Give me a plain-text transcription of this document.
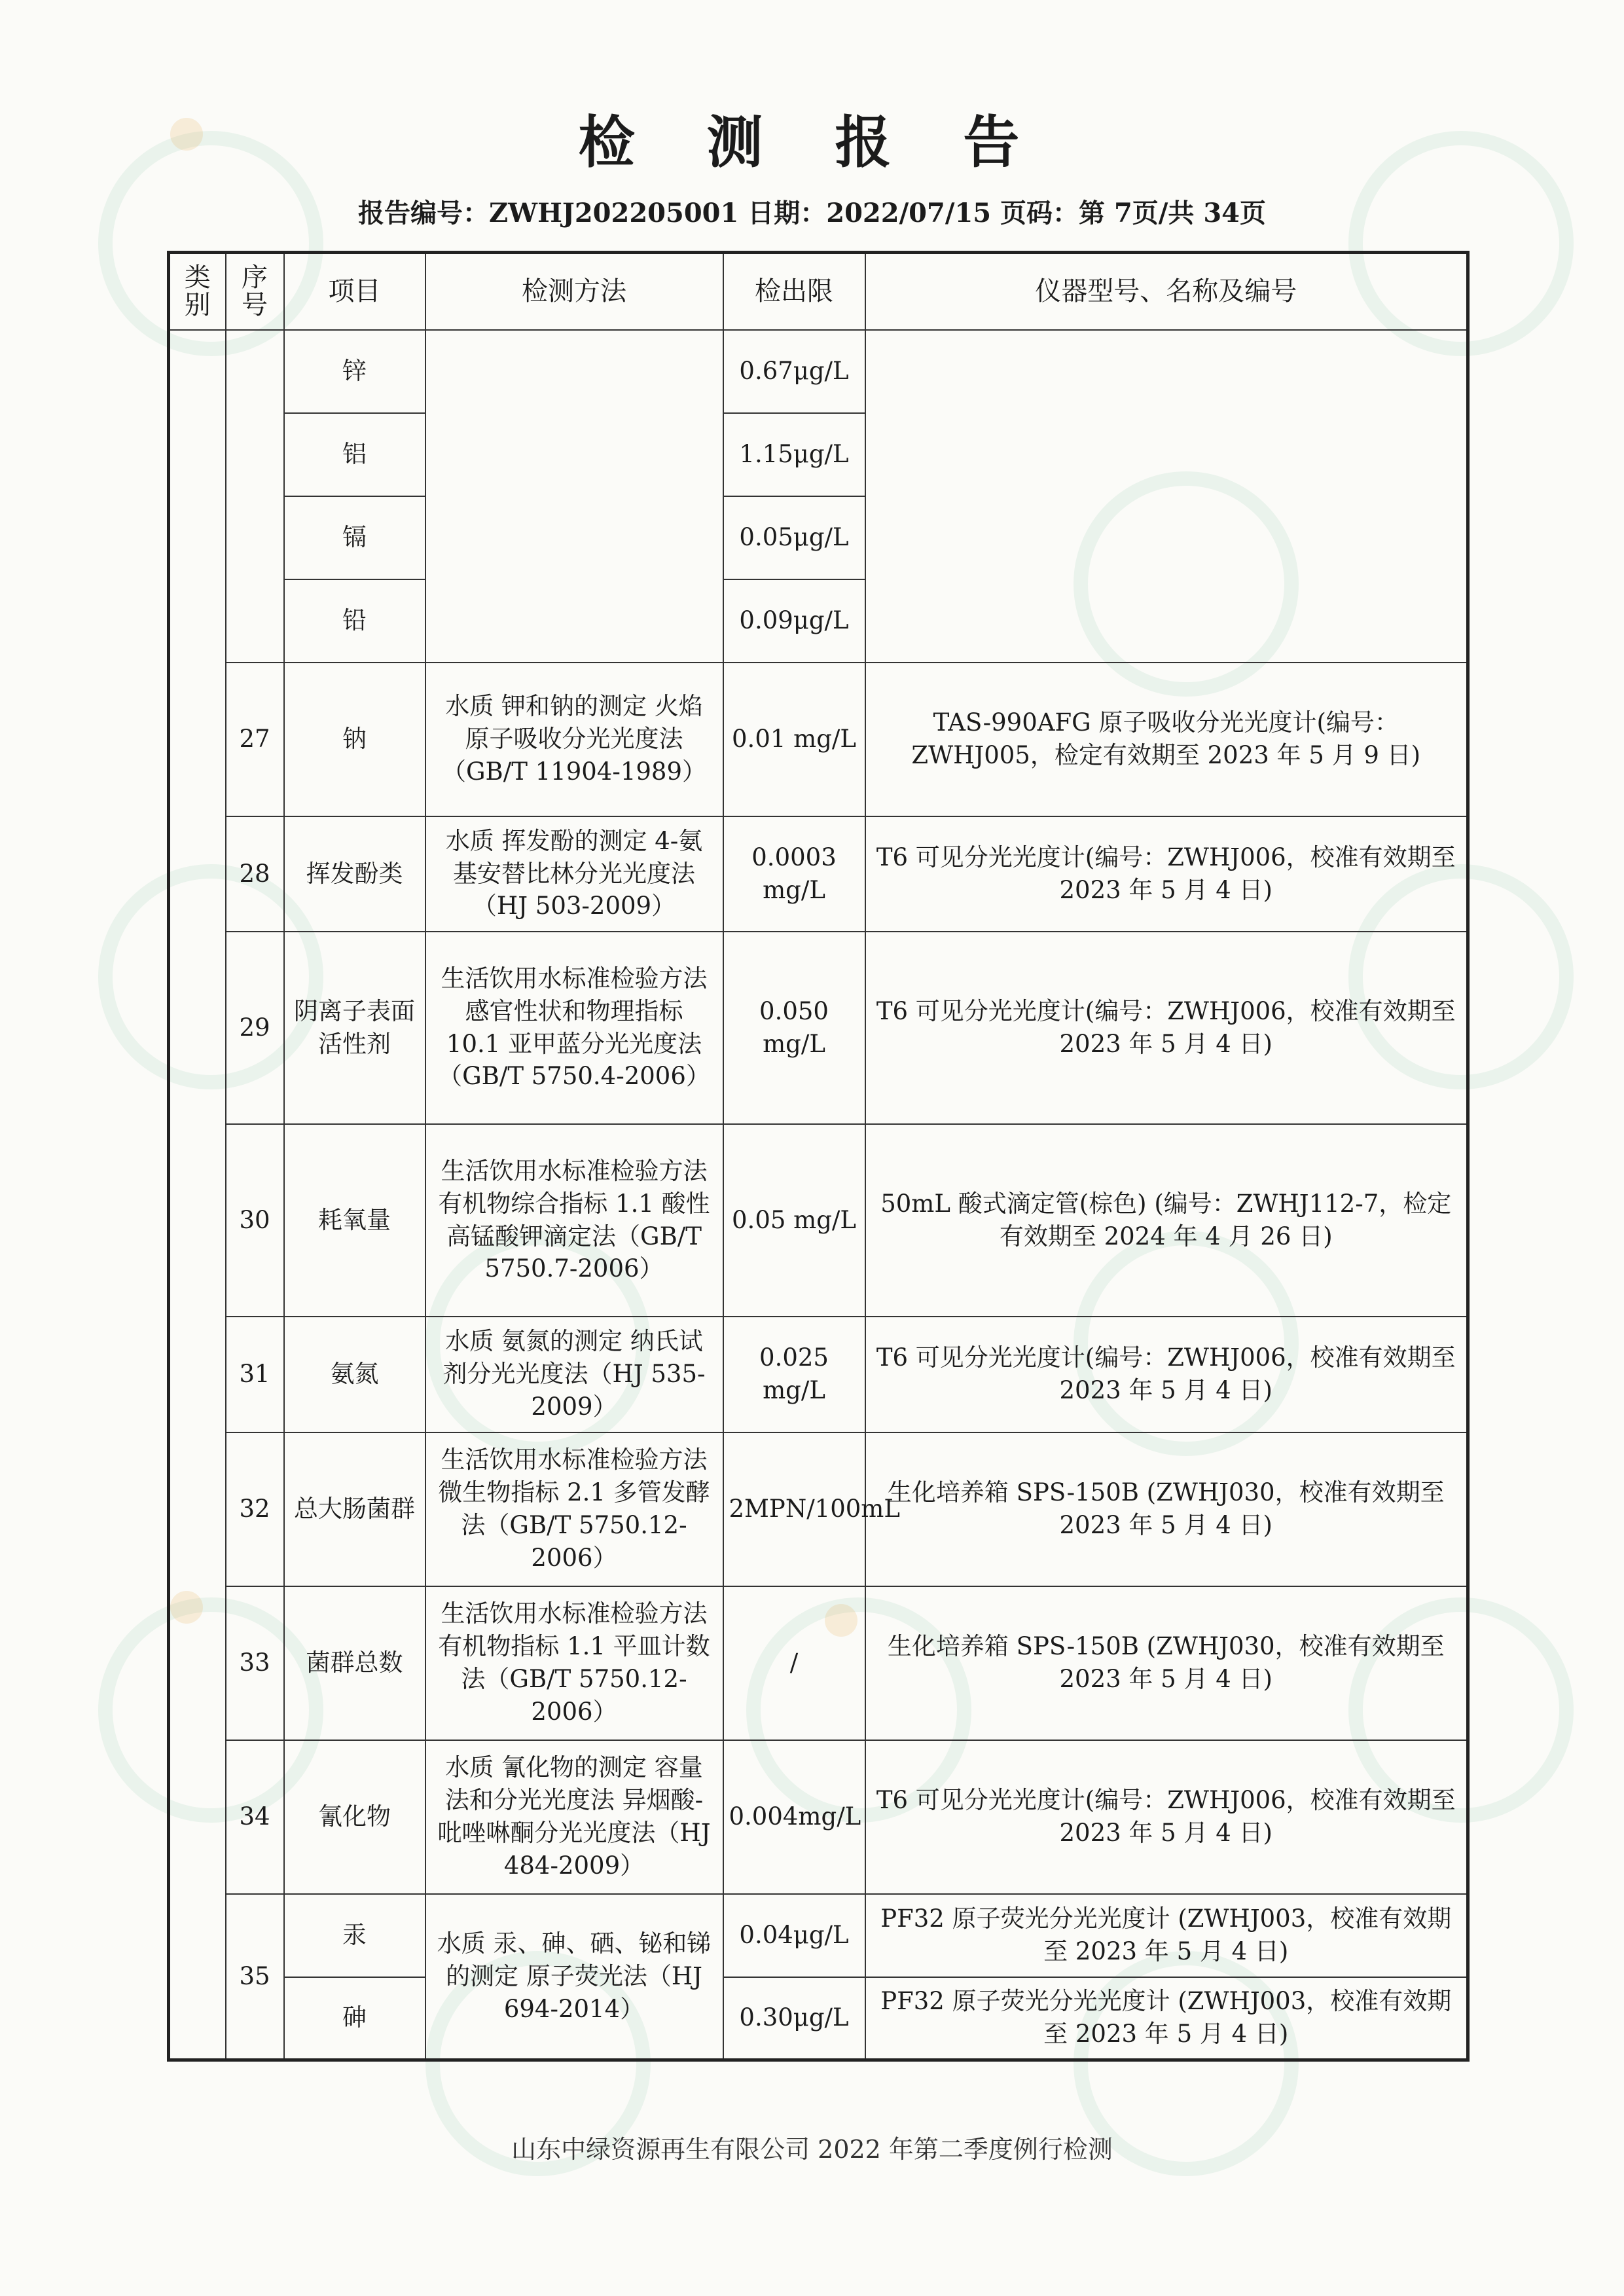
检 测 报 告
报告编号：ZWHJ202205001 日期：2022/07/15 页码：第 7页/共 34页
类别	序号	项目	检测方法	检出限	仪器型号、名称及编号
		锌		0.67μg/L	
		铝		1.15μg/L	
		镉		0.05μg/L	
		铅		0.09μg/L	
	27	钠	水质 钾和钠的测定 火焰原子吸收分光光度法（GB/T 11904-1989）	0.01 mg/L	TAS-990AFG 原子吸收分光光度计(编号：ZWHJ005，检定有效期至 2023 年 5 月 9 日)
	28	挥发酚类	水质 挥发酚的测定 4-氨基安替比林分光光度法（HJ 503-2009）	0.0003 mg/L	T6 可见分光光度计(编号：ZWHJ006，校准有效期至 2023 年 5 月 4 日)
	29	阴离子表面活性剂	生活饮用水标准检验方法 感官性状和物理指标 10.1 亚甲蓝分光光度法（GB/T 5750.4-2006）	0.050 mg/L	T6 可见分光光度计(编号：ZWHJ006，校准有效期至 2023 年 5 月 4 日)
	30	耗氧量	生活饮用水标准检验方法 有机物综合指标 1.1 酸性高锰酸钾滴定法（GB/T 5750.7-2006）	0.05 mg/L	50mL 酸式滴定管(棕色) (编号：ZWHJ112-7，检定有效期至 2024 年 4 月 26 日)
	31	氨氮	水质 氨氮的测定 纳氏试剂分光光度法（HJ 535-2009）	0.025 mg/L	T6 可见分光光度计(编号：ZWHJ006，校准有效期至 2023 年 5 月 4 日)
	32	总大肠菌群	生活饮用水标准检验方法 微生物指标 2.1 多管发酵法（GB/T 5750.12-2006）	2MPN/100mL	生化培养箱 SPS-150B (ZWHJ030，校准有效期至 2023 年 5 月 4 日)
	33	菌群总数	生活饮用水标准检验方法 有机物指标 1.1 平皿计数法（GB/T 5750.12-2006）	/	生化培养箱 SPS-150B (ZWHJ030，校准有效期至 2023 年 5 月 4 日)
	34	氰化物	水质 氰化物的测定 容量法和分光光度法 异烟酸-吡唑啉酮分光光度法（HJ 484-2009）	0.004mg/L	T6 可见分光光度计(编号：ZWHJ006，校准有效期至 2023 年 5 月 4 日)
	35	汞	水质 汞、砷、硒、铋和锑的测定 原子荧光法（HJ 694-2014）	0.04μg/L	PF32 原子荧光分光光度计 (ZWHJ003，校准有效期至 2023 年 5 月 4 日)
		砷		0.30μg/L	PF32 原子荧光分光光度计 (ZWHJ003，校准有效期至 2023 年 5 月 4 日)
山东中绿资源再生有限公司 2022 年第二季度例行检测
